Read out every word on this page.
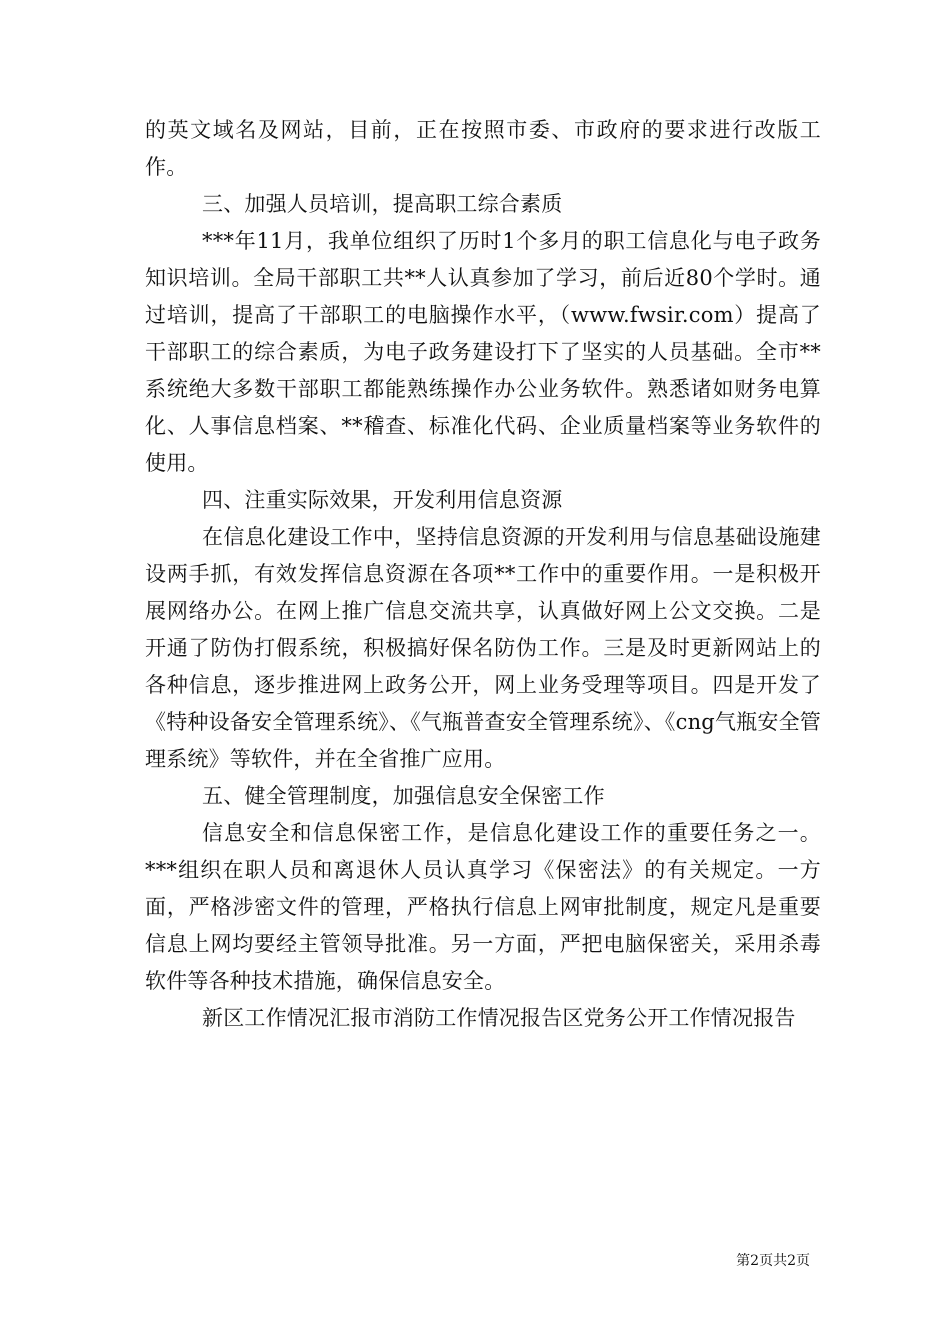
的英文域名及网站，目前，正在按照市委、市政府的要求进行改版工作。

三、加强人员培训，提高职工综合素质

***年11月，我单位组织了历时1个多月的职工信息化与电子政务知识培训。全局干部职工共**人认真参加了学习，前后近80个学时。通过培训，提高了干部职工的电脑操作水平，（www.fwsir.com）提高了干部职工的综合素质，为电子政务建设打下了坚实的人员基础。全市**系统绝大多数干部职工都能熟练操作办公业务软件。熟悉诸如财务电算化、人事信息档案、**稽查、标准化代码、企业质量档案等业务软件的使用。

四、注重实际效果，开发利用信息资源

在信息化建设工作中，坚持信息资源的开发利用与信息基础设施建设两手抓，有效发挥信息资源在各项**工作中的重要作用。一是积极开展网络办公。在网上推广信息交流共享，认真做好网上公文交换。二是开通了防伪打假系统，积极搞好保名防伪工作。三是及时更新网站上的各种信息，逐步推进网上政务公开，网上业务受理等项目。四是开发了《特种设备安全管理系统》、《气瓶普查安全管理系统》、《cng气瓶安全管理系统》等软件，并在全省推广应用。

五、健全管理制度，加强信息安全保密工作

信息安全和信息保密工作，是信息化建设工作的重要任务之一。***组织在职人员和离退休人员认真学习《保密法》的有关规定。一方面，严格涉密文件的管理，严格执行信息上网审批制度，规定凡是重要信息上网均要经主管领导批准。另一方面，严把电脑保密关，采用杀毒软件等各种技术措施，确保信息安全。

新区工作情况汇报市消防工作情况报告区党务公开工作情况报告

第2页共2页
